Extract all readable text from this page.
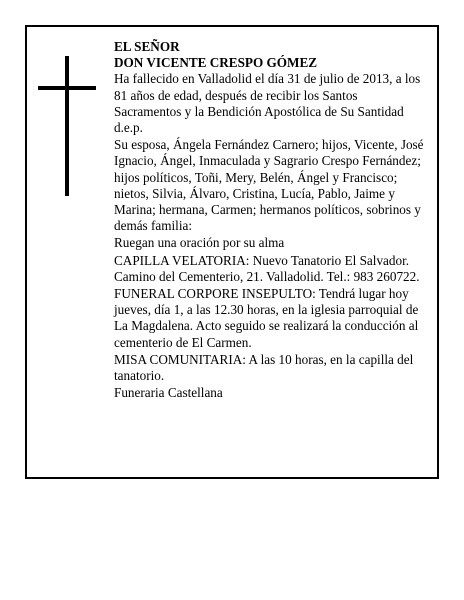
EL SEÑOR
DON VICENTE CRESPO GÓMEZ

Ha fallecido en Valladolid el día 31 de julio de 2013, a los 81 años de edad, después de recibir los Santos Sacramentos y la Bendición Apostólica de Su Santidad d.e.p.

Su esposa, Ángela Fernández Carnero; hijos, Vicente, José Ignacio, Ángel, Inmaculada y Sagrario Crespo Fernández; hijos políticos, Toñi, Mery, Belén, Ángel y Francisco; nietos, Silvia, Álvaro, Cristina, Lucía, Pablo, Jaime y Marina; hermana, Carmen; hermanos políticos, sobrinos y demás familia:

Ruegan una oración por su alma

CAPILLA VELATORIA: Nuevo Tanatorio El Salvador. Camino del Cementerio, 21. Valladolid. Tel.: 983 260722.

FUNERAL CORPORE INSEPULTO: Tendrá lugar hoy jueves, día 1, a las 12.30 horas, en la iglesia parroquial de La Magdalena. Acto seguido se realizará la conducción al cementerio de El Carmen.

MISA COMUNITARIA: A las 10 horas, en la capilla del tanatorio.

Funeraria Castellana
